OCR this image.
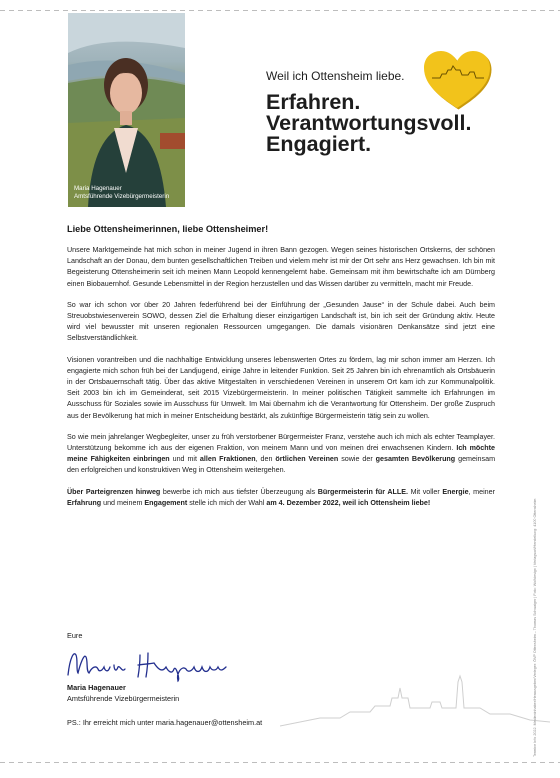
Maria Hagenauer
Amtsführende Vizebürgermeisterin
Weil ich Ottensheim liebe.
Erfahren.
Verantwortungsvoll.
Engagiert.
Liebe Ottensheimerinnen, liebe Ottensheimer!

Unsere Marktgemeinde hat mich schon in meiner Jugend in ihren Bann gezogen. Wegen seines historischen Ortskerns, der schönen Landschaft an der Donau, dem bunten gesellschaftlichen Treiben und vielem mehr ist mir der Ort sehr ans Herz gewachsen. Ich bin mit Begeisterung Ottensheimerin seit ich meinen Mann Leopold kennengelernt habe. Gemeinsam mit ihm bewirtschafte ich am Dürnberg einen Biobauernhof. Gesunde Lebensmittel in der Region herzustellen und das Wissen darüber zu vermitteln, macht mir Freude.

So war ich schon vor über 20 Jahren federführend bei der Einführung der „Gesunden Jause“ in der Schule dabei. Auch beim Streuobstwiesenverein SOWO, dessen Ziel die Erhaltung dieser einzigartigen Landschaft ist, bin ich seit der Gründung aktiv. Heute wird viel bewusster mit unseren regionalen Ressourcen umgegangen. Die damals visionären Denkansätze sind jetzt eine Selbstverständlichkeit.

Visionen vorantreiben und die nachhaltige Entwicklung unseres lebenswerten Ortes zu fördern, lag mir schon immer am Herzen. Ich engagierte mich schon früh bei der Landjugend, einige Jahre in leitender Funktion. Seit 25 Jahren bin ich ehrenamtlich als Ortsbäuerin in der Ortsbauernschaft tätig. Über das aktive Mitgestalten in verschiedenen Vereinen in unserem Ort kam ich zur Kommunalpolitik. Seit 2003 bin ich im Gemeinderat, seit 2015 Vizebürgermeisterin. In meiner politischen Tätigkeit sammelte ich Erfahrungen im Ausschuss für Soziales sowie im Ausschuss für Umwelt. Im Mai übernahm ich die Verantwortung für Ottensheim. Der große Zuspruch aus der Bevölkerung hat mich in meiner Entscheidung bestärkt, als zukünftige Bürgermeisterin tätig sein zu wollen.

So wie mein jahrelanger Wegbegleiter, unser zu früh verstorbener Bürgermeister Franz, verstehe auch ich mich als echter Teamplayer. Unterstützung bekomme ich aus der eigenen Fraktion, von meinem Mann und von meinen drei erwachsenen Kindern. Ich möchte meine Fähigkeiten einbringen und mit allen Fraktionen, den örtlichen Vereinen sowie der gesamten Bevölkerung gemeinsam den erfolgreichen und konstruktiven Weg in Ottensheim weitergehen.

Über Parteigrenzen hinweg bewerbe ich mich aus tiefster Überzeugung als Bürgermeisterin für ALLE. Mit voller Energie, meiner Erfahrung und meinem Engagement stelle ich mich der Wahl am 4. Dezember 2022, weil ich Ottensheim liebe!

Eure
Maria Hagenauer
Amtsführende Vizebürgermeisterin
PS.: Ihr erreicht mich unter maria.hagenauer@ottensheim.at	Termine Info 2022. Medieninhaber/Herausgeber/Verleger: ÖVP Ottensheim – Thomas Schwaiger | Foto: Wolfdesign | Verlagsort/Herstellung: 4100 Ottensheim
